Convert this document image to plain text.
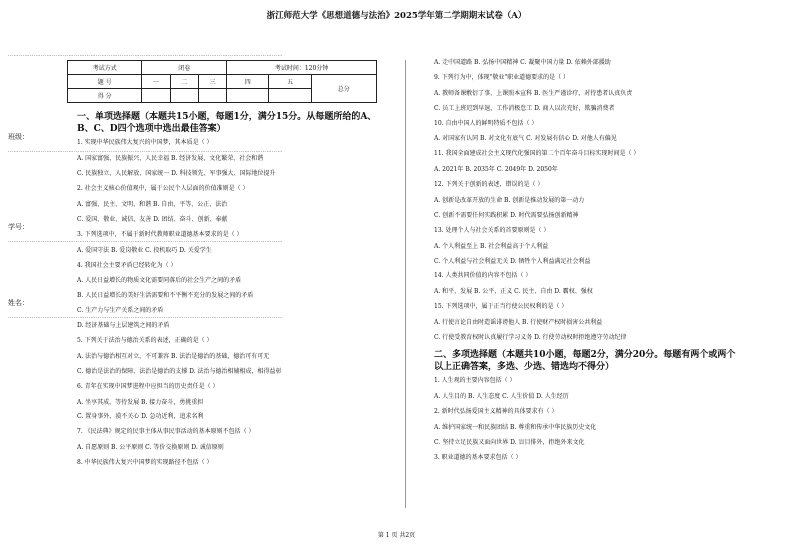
浙江师范大学《思想道德与法治》2025学年第二学期期末试卷（A）
……………………………………………………………………………………………………………………………………
班级：
……………………………………………………………………………………………………………………………………
学号：
……………………………………………………………………………………………………………………………………
姓名：
……………………………………………………………………………………………………………………………………
考试方式	闭卷			考试时间：120分钟		
题 号	一	二	三	四	五	总分
得 分						
一、单项选择题（本题共15小题，每题1分，满分15分。从每题所给的A、B、C、D四个选项中选出最佳答案）
1. 实现中华民族伟大复兴的中国梦，其本质是（ ）
A. 国家富强、民族振兴、人民幸福 B. 经济发展、文化繁荣、社会和谐
C. 民族独立、人民解放、国家统一 D. 科技领先、军事强大、国际地位提升
2. 社会主义核心价值观中，属于公民个人层面的价值准则是（ ）
A. 富强、民主、文明、和谐 B. 自由、平等、公正、法治
C. 爱国、敬业、诚信、友善 D. 团结、奋斗、创新、奉献
3. 下列选项中，不属于新时代教师职业道德基本要求的是（ ）
A. 爱国守法 B. 爱岗敬业 C. 投机取巧 D. 关爱学生
4. 我国社会主要矛盾已经转化为（ ）
A. 人民日益增长的物质文化需要同落后的社会生产之间的矛盾
B. 人民日益增长的美好生活需要和不平衡不充分的发展之间的矛盾
C. 生产力与生产关系之间的矛盾
D. 经济基础与上层建筑之间的矛盾
5. 下列关于法治与德治关系的表述，正确的是（ ）
A. 法治与德治相互对立，不可兼容 B. 法治是德治的基础，德治可有可无
C. 德治是法治的保障，法治是德治的支撑 D. 法治与德治相辅相成，相得益彰
6. 青年在实现中国梦进程中应担当的历史责任是（ ）
A. 坐享其成，等待发展 B. 接力奋斗，勇挑重担
C. 置身事外，漠不关心 D. 急功近利，追求名利
7. 《民法典》规定的民事主体从事民事活动的基本原则不包括（ ）
A. 自愿原则 B. 公平原则 C. 等价交换原则 D. 诚信原则
8. 中华民族伟大复兴中国梦的实现路径不包括（ ）
A. 走中国道路 B. 弘扬中国精神 C. 凝聚中国力量 D. 依赖外部援助
9. 下列行为中，体现"敬业"职业道德要求的是（ ）
A. 教师备课敷衍了事，上课照本宣科 B. 医生严谨诊疗，对待患者认真负责
C. 员工上班迟到早退，工作消极怠工 D. 商人以次充好，欺骗消费者
10. 自由中国人的鲜明特质不包括（ ）
A. 对国家有认同 B. 对文化有底气 C. 对发展有信心 D. 对他人有偏见
11. 我国全面建成社会主义现代化强国的第二个百年奋斗目标实现时间是（ ）
A. 2021年 B. 2035年 C. 2049年 D. 2050年
12. 下列关于创新的表述，错误的是（ ）
A. 创新是改革开放的生命 B. 创新是推动发展的第一动力
C. 创新不需要任何实践积累 D. 时代需要弘扬创新精神
13. 处理个人与社会关系的首要原则是（ ）
A. 个人利益至上 B. 社会利益高于个人利益
C. 个人利益与社会利益无关 D. 牺牲个人利益满足社会利益
14. 人类共同价值的内容不包括（ ）
A. 和平、发展 B. 公平、正义 C. 民主、自由 D. 霸权、强权
15. 下列选项中，属于正当行使公民权利的是（ ）
A. 行使言论自由时造谣诽谤他人 B. 行使财产权时损害公共利益
C. 行使受教育权时认真履行学习义务 D. 行使劳动权时拒绝遵守劳动纪律
二、多项选择题（本题共10小题，每题2分，满分20分。每题有两个或两个以上正确答案，多选、少选、错选均不得分）
1. 人生观的主要内容包括（ ）
A. 人生目的 B. 人生态度 C. 人生价值 D. 人生经历
2. 新时代弘扬爱国主义精神的具体要求有（ ）
A. 维护国家统一和民族团结 B. 尊重和传承中华民族历史文化
C. 坚持立足民族又面向世界 D. 盲目排外，拒绝外来文化
3. 职业道德的基本要求包括（ ）
第 1 页 共2页
